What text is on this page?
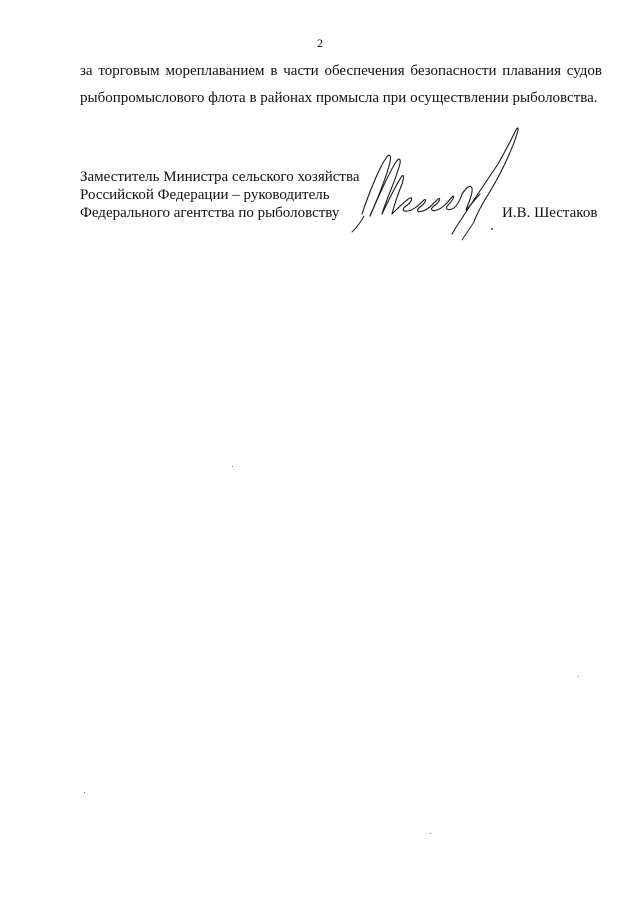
2
за торговым мореплаванием в части обеспечения безопасности плавания судов
рыбопромыслового флота в районах промысла при осуществлении рыболовства.
Заместитель Министра сельского хозяйства
Российской Федерации – руководитель
Федерального агентства по рыболовству	И.В. Шестаков
